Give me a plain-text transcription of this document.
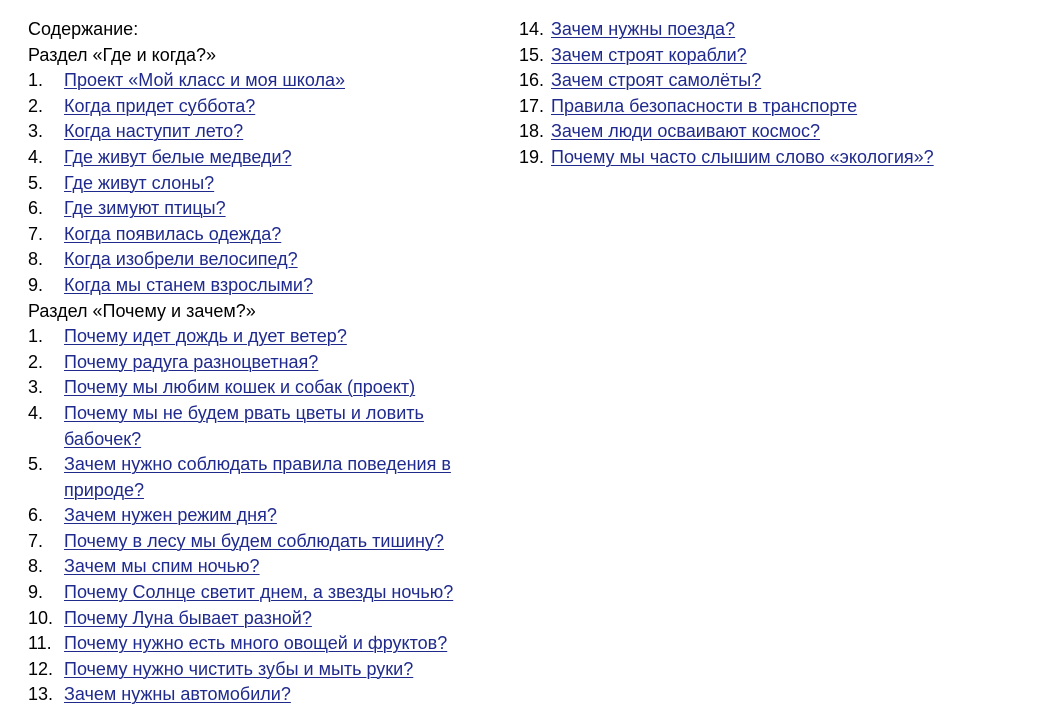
Содержание:
Раздел «Где и когда?»
1.	Проект «Мой класс и моя школа»
2.	Когда придет суббота?
3.	Когда наступит лето?
4.	Где живут белые медведи?
5.	Где живут слоны?
6.	Где зимуют птицы?
7.	Когда появилась одежда?
8.	Когда изобрели велосипед?
9.	Когда мы станем взрослыми?
Раздел «Почему и зачем?»
1.	Почему идет дождь и дует ветер?
2.	Почему радуга разноцветная?
3.	Почему мы любим кошек и собак (проект)
4.	Почему мы не будем рвать цветы и ловить бабочек?
5.	Зачем нужно соблюдать правила поведения в природе?
6.	Зачем нужен режим дня?
7.	Почему в лесу мы будем соблюдать тишину?
8.	Зачем мы спим ночью?
9.	Почему Солнце светит днем, а звезды ночью?
10. Почему Луна бывает разной?
11. Почему нужно есть много овощей и фруктов?
12. Почему нужно чистить зубы и мыть руки?
13. Зачем нужны автомобили?
14. Зачем нужны поезда?
15. Зачем строят корабли?
16. Зачем строят самолёты?
17. Правила безопасности в транспорте
18. Зачем люди осваивают космос?
19. Почему мы часто слышим слово «экология»?
